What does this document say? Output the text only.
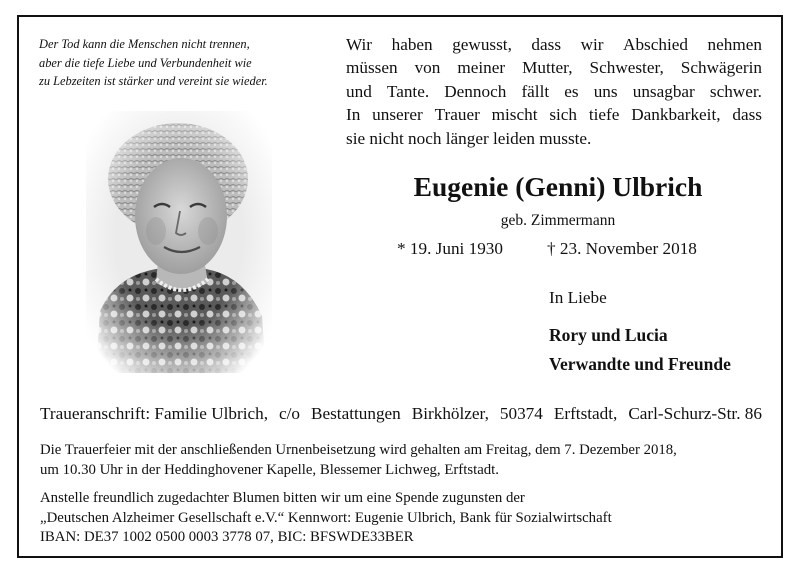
Der Tod kann die Menschen nicht trennen,
aber die tiefe Liebe und Verbundenheit wie
zu Lebzeiten ist stärker und vereint sie wieder.
Wir haben gewusst, dass wir Abschied nehmen
müssen von meiner Mutter, Schwester, Schwägerin
und Tante. Dennoch fällt es uns unsagbar schwer.
In unserer Trauer mischt sich tiefe Dankbarkeit, dass
sie nicht noch länger leiden musste.
Eugenie (Genni) Ulbrich
geb. Zimmermann
* 19. Juni 1930	† 23. November 2018
In Liebe
Rory und Lucia
Verwandte und Freunde
Traueranschrift: Familie Ulbrich, c/o Bestattungen Birkhölzer, 50374 Erftstadt, Carl-Schurz-Str. 86
Die Trauerfeier mit der anschließenden Urnenbeisetzung wird gehalten am Freitag, dem 7. Dezember 2018,
um 10.30 Uhr in der Heddinghovener Kapelle, Blessemer Lichweg, Erftstadt.
Anstelle freundlich zugedachter Blumen bitten wir um eine Spende zugunsten der
„Deutschen Alzheimer Gesellschaft e.V.“ Kennwort: Eugenie Ulbrich, Bank für Sozialwirtschaft
IBAN: DE37 1002 0500 0003 3778 07, BIC: BFSWDE33BER
